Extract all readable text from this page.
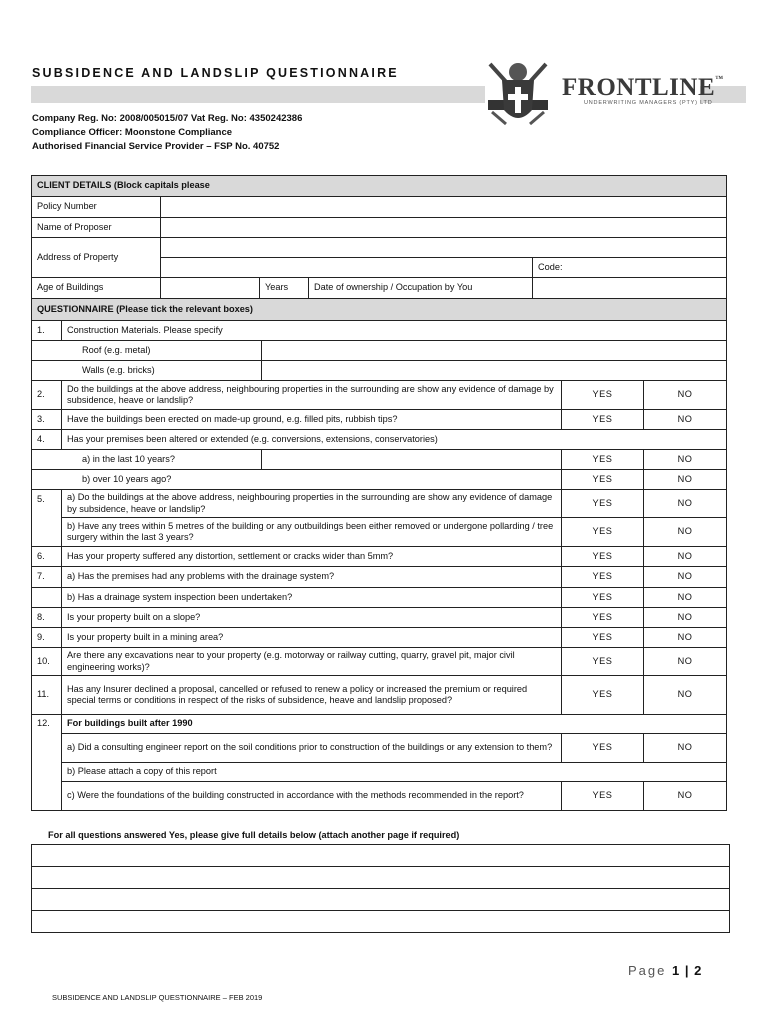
SUBSIDENCE AND LANDSLIP QUESTIONNAIRE
Company Reg. No: 2008/005015/07 Vat Reg. No: 4350242386
Compliance Officer: Moonstone Compliance
Authorised Financial Service Provider – FSP No. 40752
FRONTLINE™
UNDERWRITING MANAGERS (PTY) LTD
CLIENT DETAILS (Block capitals please				
Policy Number				
Name of Proposer				
Address of Property				
				Code:
Age of Buildings		Years	Date of ownership / Occupation by You	
QUESTIONNAIRE (Please tick the relevant boxes)				
1.	Construction Materials. Please specify			
Roof (e.g. metal)				
Walls (e.g. bricks)				
2.	Do the buildings at the above address, neighbouring properties in the surrounding are show any evidence of damage by subsidence, heave or landslip?		YES	NO
3.	Have the buildings been erected on made-up ground, e.g. filled pits, rubbish tips?		YES	NO
4.	Has your premises been altered or extended (e.g. conversions, extensions, conservatories)			
a) in the last 10 years?			YES	NO
b) over 10 years ago?			YES	NO
5.	a) Do the buildings at the above address, neighbouring properties in the surrounding are show any evidence of damage by subsidence, heave or landslip?		YES	NO
	b) Have any trees within 5 metres of the building or any outbuildings been either removed or undergone pollarding / tree surgery within the last 3 years?		YES	NO
6.	Has your property suffered any distortion, settlement or cracks wider than 5mm?		YES	NO
7.	a) Has the premises had any problems with the drainage system?		YES	NO
	b) Has a drainage system inspection been undertaken?		YES	NO
8.	Is your property built on a slope?		YES	NO
9.	Is your property built in a mining area?		YES	NO
10.	Are there any excavations near to your property (e.g. motorway or railway cutting, quarry, gravel pit, major civil engineering works)?		YES	NO
11.	Has any Insurer declined a proposal, cancelled or refused to renew a policy or increased the premium or required special terms or conditions in respect of the risks of subsidence, heave and landslip proposed?		YES	NO
12.	For buildings built after 1990			
	a) Did a consulting engineer report on the soil conditions prior to construction of the buildings or any extension to them?		YES	NO
	b) Please attach a copy of this report			
	c) Were the foundations of the building constructed in accordance with the methods recommended in the report?		YES	NO
For all questions answered Yes, please give full details below (attach another page if required)

Page 1 | 2
SUBSIDENCE AND LANDSLIP QUESTIONNAIRE – FEB 2019
